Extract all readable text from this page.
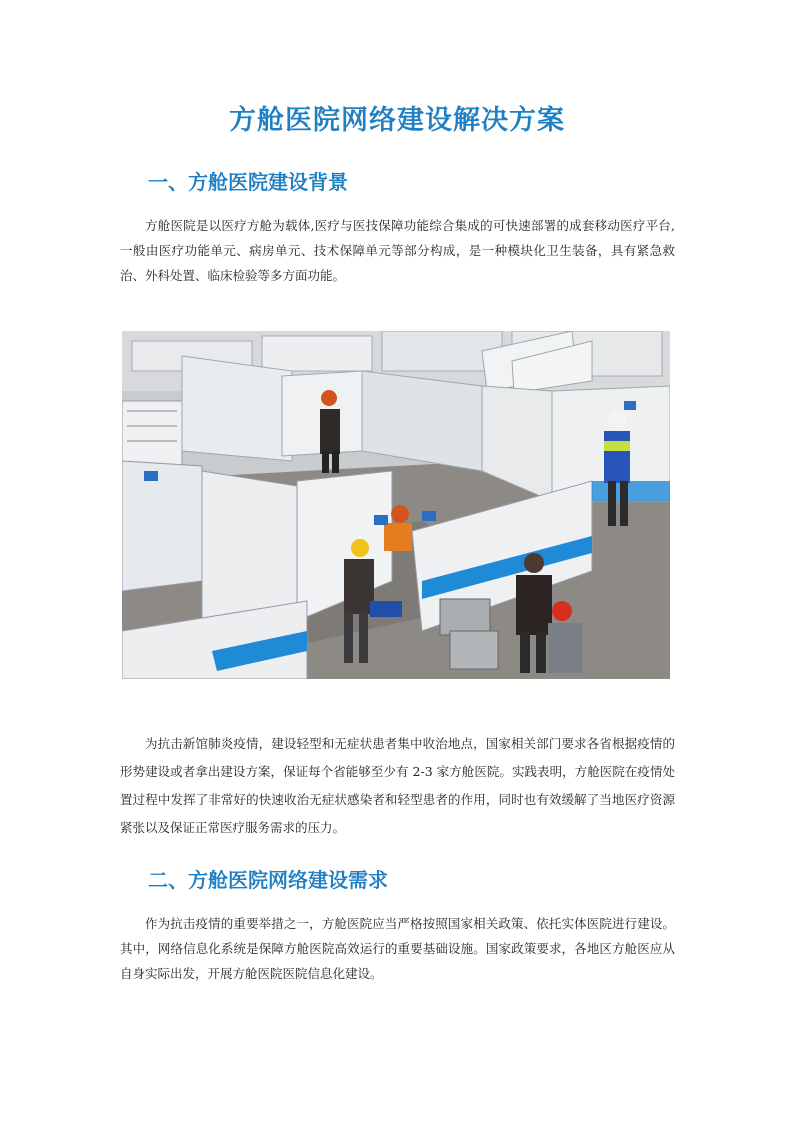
方舱医院网络建设解决方案
一、方舱医院建设背景

方舱医院是以医疗方舱为载体,医疗与医技保障功能综合集成的可快速部署的成套移动医疗平台,一般由医疗功能单元、病房单元、技术保障单元等部分构成，是一种模块化卫生装备，具有紧急救治、外科处置、临床检验等多方面功能。

为抗击新馆肺炎疫情，建设轻型和无症状患者集中收治地点，国家相关部门要求各省根据疫情的形势建设或者拿出建设方案，保证每个省能够至少有 2-3 家方舱医院。实践表明，方舱医院在疫情处置过程中发挥了非常好的快速收治无症状感染者和轻型患者的作用，同时也有效缓解了当地医疗资源紧张以及保证正常医疗服务需求的压力。

二、方舱医院网络建设需求

作为抗击疫情的重要举措之一，方舱医院应当严格按照国家相关政策、依托实体医院进行建设。其中，网络信息化系统是保障方舱医院高效运行的重要基础设施。国家政策要求，各地区方舱医应从自身实际出发，开展方舱医院医院信息化建设。
